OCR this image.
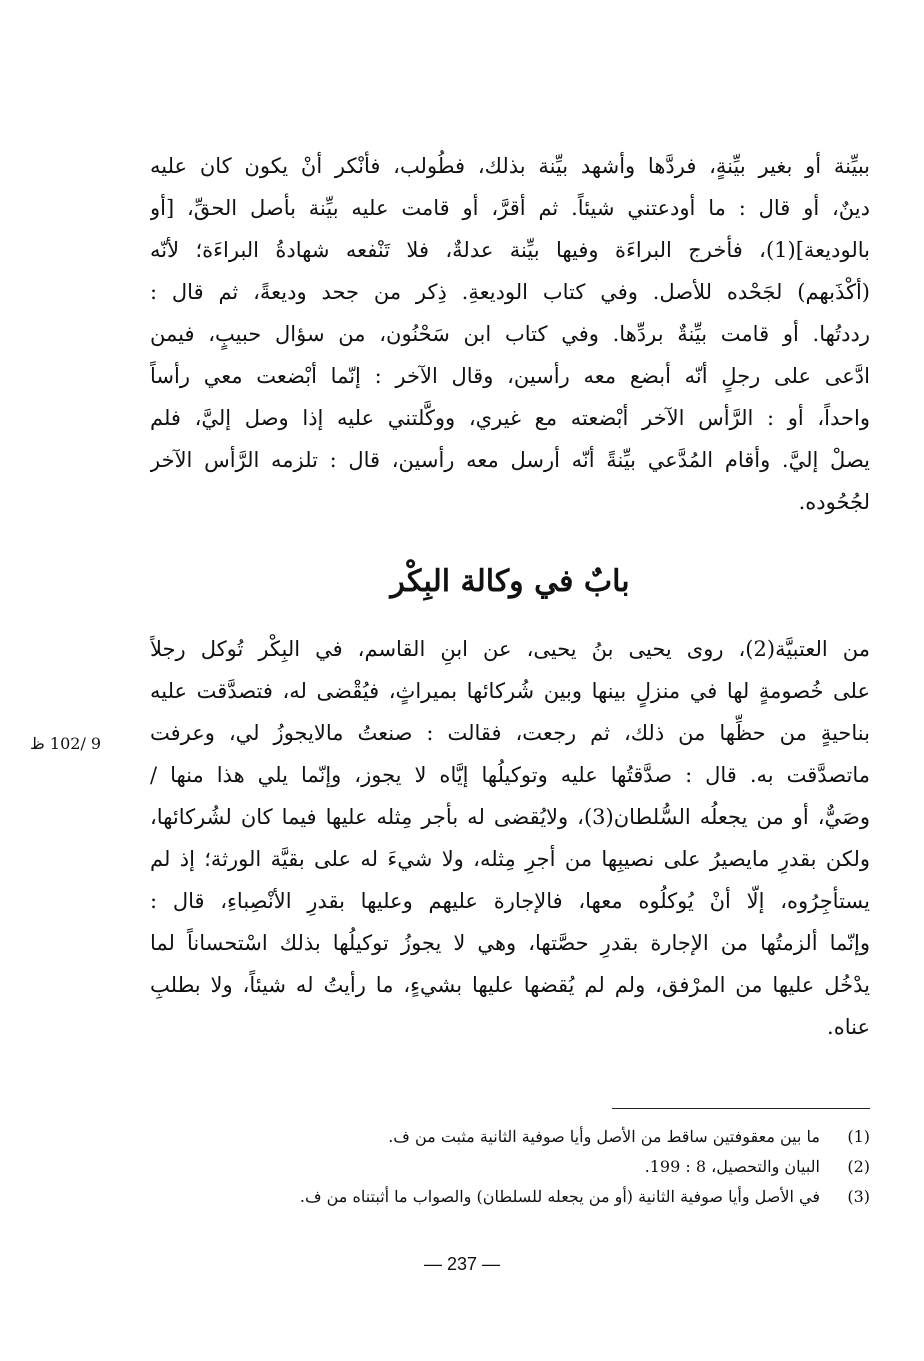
ببيِّنة أو بغير بيِّنةٍ، فردَّها وأشهد بيِّنة بذلك، فطُولب، فأنْكر أنْ يكون كان عليه
دينٌ، أو قال : ما أودعتني شيئاً. ثم أقرَّ، أو قامت عليه بيِّنة بأصل الحقِّ، [أو
بالوديعة](1)، فأخرج البراءَة وفيها بيِّنة عدلةٌ، فلا تَنْفعه شهادةُ البراءَة؛ لأنّه
(أكْذَبهم) لجَحْده للأصل. وفي كتاب الوديعةِ. ذِكر من جحد وديعةً، ثم قال :
رددتُها. أو قامت بيِّنةٌ بردِّها. وفي كتاب ابن سَحْنُون، من سؤال حبيبٍ، فيمن
ادَّعى على رجلٍ أنّه أبضع معه رأسين، وقال الآخر : إنّما أبْضعت معي رأساً
واحداً، أو : الرَّأس الآخر أبْضعته مع غيري، ووكَّلتني عليه إذا وصل إليَّ، فلم
يصلْ إليَّ. وأقام المُدَّعي بيِّنةً أنّه أرسل معه رأسين، قال : تلزمه الرَّأس الآخر
لجُحُوده.
بابٌ في وكالة البِكْر
من العتبيَّة(2)، روى يحيى بنُ يحيى، عن ابنِ القاسم، في البِكْر تُوكل رجلاً
على خُصومةٍ لها في منزلٍ بينها وبين شُركائها بميراثٍ، فيُقْضى له، فتصدَّقت عليه
بناحيةٍ من حظِّها من ذلك، ثم رجعت، فقالت : صنعتُ مالايجوزُ لي، وعرفت
ماتصدَّقت به. قال : صدَّقتُها عليه وتوكيلُها إيَّاه لا يجوز، وإنّما يلي هذا منها /
وصَيٌّ، أو من يجعلُه السُّلطان(3)، ولايُقضى له بأجر مِثله عليها فيما كان لشُركائها،
ولكن بقدرِ مايصيرُ على نصيبِها من أجرِ مِثله، ولا شيءَ له على بقيَّة الورثة؛ إذ لم
يستأجِرُوه، إلّا أنْ يُوكلُوه معها، فالإجارة عليهم وعليها بقدرِ الأنْصِباءِ، قال :
وإنّما ألزمتُها من الإجارة بقدرِ حصَّتها، وهي لا يجوزُ توكيلُها بذلك اسْتحساناً لما
يدْخُل عليها من المرْفق، ولم لم يُقضها عليها بشيءٍ، ما رأيتُ له شيئاً، ولا بطلبِ
عناه.
9 /102 ظ
(1)
ما بين معقوفتين ساقط من الأصل وأيا صوفية الثانية مثبت من ف.
(2)
البيان والتحصيل، 8 : 199.
(3)
في الأصل وأيا صوفية الثانية (أو من يجعله للسلطان) والصواب ما أثبتناه من ف.
— 237 —
